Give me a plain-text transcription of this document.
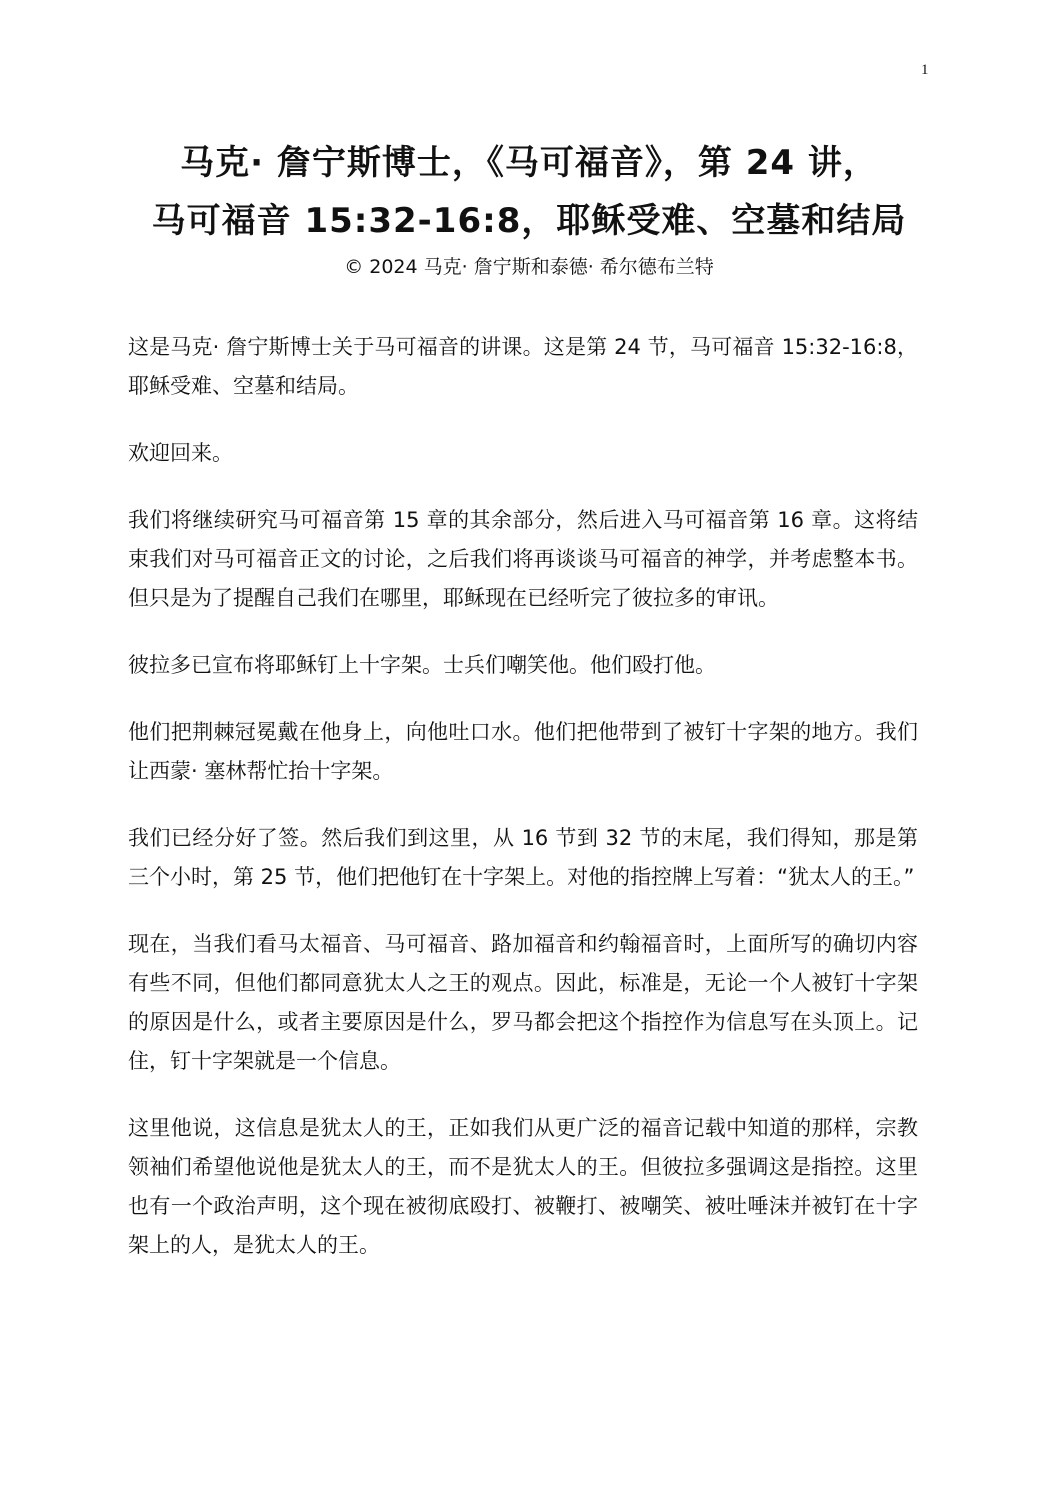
1
马克· 詹宁斯博士，《马可福音》，第 24 讲，
马可福音 15:32-16:8，耶稣受难、空墓和结局
© 2024 马克· 詹宁斯和泰德· 希尔德布兰特

这是马克· 詹宁斯博士关于马可福音的讲课。这是第 24 节，马可福音 15:32-16:8，耶稣受难、空墓和结局。

欢迎回来。

我们将继续研究马可福音第 15 章的其余部分，然后进入马可福音第 16 章。这将结束我们对马可福音正文的讨论，之后我们将再谈谈马可福音的神学，并考虑整本书。但只是为了提醒自己我们在哪里，耶稣现在已经听完了彼拉多的审讯。

彼拉多已宣布将耶稣钉上十字架。士兵们嘲笑他。他们殴打他。

他们把荆棘冠冕戴在他身上，向他吐口水。他们把他带到了被钉十字架的地方。我们让西蒙· 塞林帮忙抬十字架。

我们已经分好了签。然后我们到这里，从 16 节到 32 节的末尾，我们得知，那是第三个小时，第 25 节，他们把他钉在十字架上。对他的指控牌上写着：“犹太人的王。”

现在，当我们看马太福音、马可福音、路加福音和约翰福音时，上面所写的确切内容有些不同，但他们都同意犹太人之王的观点。因此，标准是，无论一个人被钉十字架的原因是什么，或者主要原因是什么，罗马都会把这个指控作为信息写在头顶上。记住，钉十字架就是一个信息。

这里他说，这信息是犹太人的王，正如我们从更广泛的福音记载中知道的那样，宗教领袖们希望他说他是犹太人的王，而不是犹太人的王。但彼拉多强调这是指控。这里也有一个政治声明，这个现在被彻底殴打、被鞭打、被嘲笑、被吐唾沫并被钉在十字架上的人，是犹太人的王。
